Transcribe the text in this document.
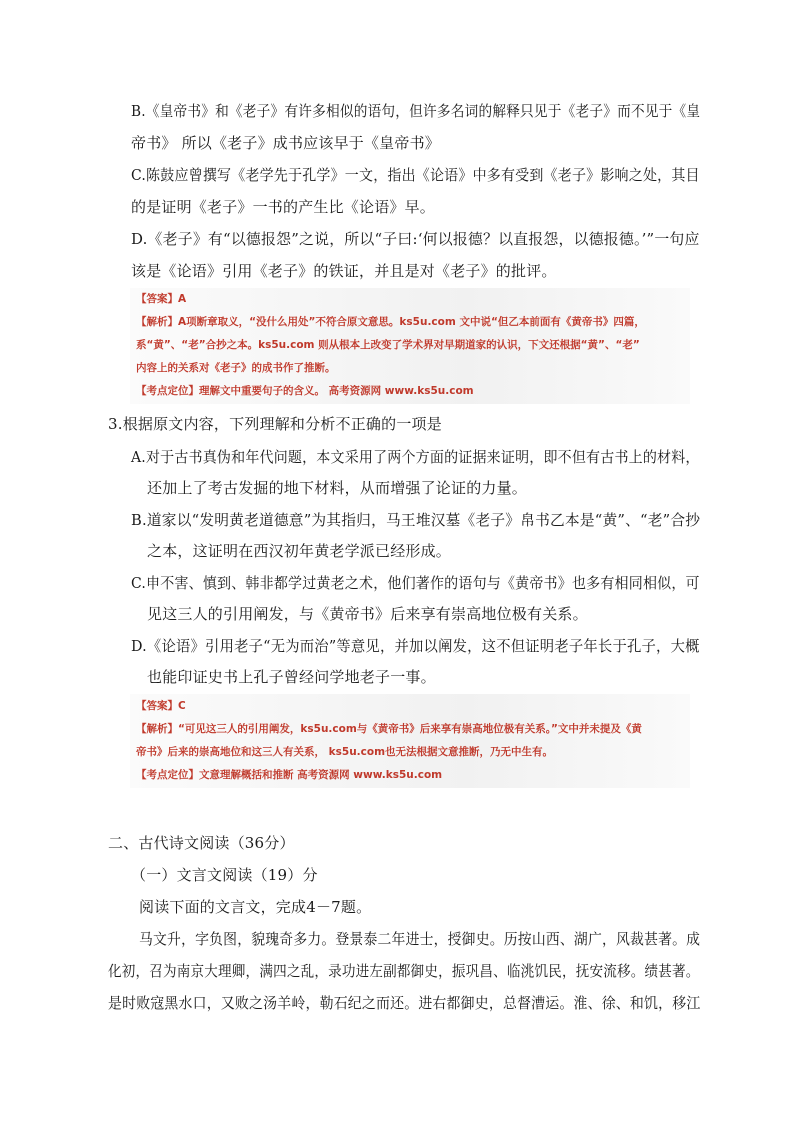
B.《皇帝书》和《老子》有许多相似的语句，但许多名词的解释只见于《老子》而不见于《皇
帝书》 所以《老子》成书应该早于《皇帝书》
C.陈鼓应曾撰写《老学先于孔学》一文，指出《论语》中多有受到《老子》影响之处，其目
的是证明《老子》一书的产生比《论语》早。
D.《老子》有“以德报怨”之说，所以“子曰:‘何以报德？以直报怨，以德报德。’”一句应
该是《论语》引用《老子》的铁证，并且是对《老子》的批评。
【答案】A
【解析】A项断章取义，“没什么用处”不符合原文意思。ks5u.com 文中说“但乙本前面有《黄帝书》四篇，
系“黄”、“老”合抄之本。ks5u.com 则从根本上改变了学术界对早期道家的认识，下文还根据“黄”、“老”
内容上的关系对《老子》的成书作了推断。
【考点定位】理解文中重要句子的含义。 高考资源网 www.ks5u.com
3.根据原文内容，下列理解和分析不正确的一项是
A.对于古书真伪和年代问题，本文采用了两个方面的证据来证明，即不但有古书上的材料，
还加上了考古发掘的地下材料，从而增强了论证的力量。
B.道家以“发明黄老道德意”为其指归，马王堆汉墓《老子》帛书乙本是“黄”、“老”合抄
之本，这证明在西汉初年黄老学派已经形成。
C.申不害、慎到、韩非都学过黄老之术，他们著作的语句与《黄帝书》也多有相同相似，可
见这三人的引用阐发，与《黄帝书》后来享有崇高地位极有关系。
D.《论语》引用老子“无为而治”等意见，并加以阐发，这不但证明老子年长于孔子，大概
也能印证史书上孔子曾经问学地老子一事。
【答案】C
【解析】“可见这三人的引用阐发，ks5u.com与《黄帝书》后来享有崇高地位极有关系。”文中并未提及《黄
帝书》后来的崇高地位和这三人有关系， ks5u.com也无法根据文意推断，乃无中生有。
【考点定位】文意理解概括和推断 高考资源网 www.ks5u.com
二、古代诗文阅读（36分）
（一）文言文阅读（19）分
阅读下面的文言文，完成4－7题。
马文升，字负图，貌瑰奇多力。登景泰二年进士，授御史。历按山西、湖广，风裁甚著。成
化初，召为南京大理卿，满四之乱，录功进左副都御史，振巩昌、临洮饥民，抚安流移。绩甚著。
是时败寇黑水口，又败之汤羊岭，勒石纪之而还。进右都御史，总督漕运。淮、徐、和饥，移江
